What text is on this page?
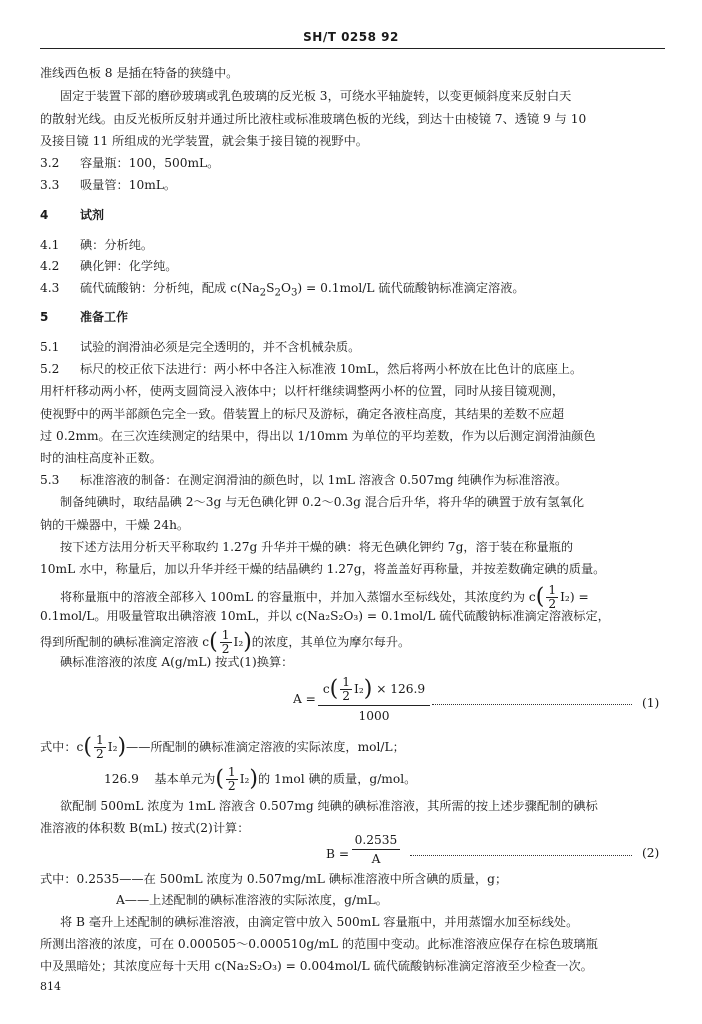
SH/T 0258 92
准线西色板 8 是插在特备的狭缝中。
固定于装置下部的磨砂玻璃或乳色玻璃的反光板 3，可绕水平轴旋转，以变更倾斜度来反射白天
的散射光线。由反光板所反射并通过所比液柱或标准玻璃色板的光线，到达十由棱镜 7、透镜 9 与 10
及接目镜 11 所组成的光学装置，就会集于接目镜的视野中。
3.2 容量瓶：100，500mL。
3.3 吸量管：10mL。
4	试剂
4.1 碘：分析纯。
4.2 碘化钾：化学纯。
4.3 硫代硫酸钠：分析纯，配成 $c(Na_2S_2O_3) = 0.1mol/L$ 硫代硫酸钠标准滴定溶液。
5	准备工作
5.1 试验的润滑油必须是完全透明的，并不含机械杂质。
5.2 标尺的校正依下法进行：两小杯中各注入标准液 10mL，然后将两小杯放在比色计的底座上。
用杆杆移动两小杯，使两支圆筒浸入液体中；以杆杆继续调整两小杯的位置，同时从接目镜观测，
使视野中的两半部颜色完全一致。借装置上的标尺及游标，确定各液柱高度，其结果的差数不应超
过 0.2mm。在三次连续测定的结果中，得出以 1/10mm 为单位的平均差数，作为以后测定润滑油颜色
时的油柱高度补正数。
5.3 标准溶液的制备：在测定润滑油的颜色时，以 1mL 溶液含 0.507mg 纯碘作为标准溶液。
制备纯碘时，取结晶碘 2～3g 与无色碘化钾 0.2～0.3g 混合后升华，将升华的碘置于放有氢氧化
钠的干燥器中，干燥 24h。
按下述方法用分析天平称取约 1.27g 升华并干燥的碘：将无色碘化钾约 7g，溶于装在称量瓶的
10mL 水中，称量后，加以升华并经干燥的结晶碘约 1.27g，将盖盖好再称量，并按差数确定碘的质量。
将称量瓶中的溶液全部移入 100mL 的容量瓶中，并加入蒸馏水至标线处，其浓度约为 $c( \frac{1}{2} I_2)$ =
0.1mol/L。用吸量管取出碘溶液 10mL，并以 c(Na₂S₂O₃) = 0.1mol/L 硫代硫酸钠标准滴定溶液标定，
得到所配制的碘标准滴定溶液 $c( \frac{1}{2} I_2)$的浓度，其单位为摩尔每升。
碘标准溶液的浓度 A(g/mL) 按式(1)换算：
$A = \frac{c( \frac{1}{2} I_2) \times 126.9}{1000}$	(1)
式中：$c( \frac{1}{2}$ I₂)——所配制的碘标准滴定溶液的实际浓度，mol/L；
126.9 基本单元为( $\frac{1}{2} I_2$)的 1mol 碘的质量，g/mol。
欲配制 500mL 浓度为 1mL 溶液含 0.507mg 纯碘的碘标准溶液，其所需的按上述步骤配制的碘标
准溶液的体积数 B(mL) 按式(2)计算：
$B = \frac{0.2535}{A}$	(2)
式中：0.2535——在 500mL 浓度为 0.507mg/mL 碘标准溶液中所含碘的质量，g；
A——上述配制的碘标准溶液的实际浓度，g/mL。
将 B 毫升上述配制的碘标准溶液，由滴定管中放入 500mL 容量瓶中，并用蒸馏水加至标线处。
所测出溶液的浓度，可在 0.000505～0.000510g/mL 的范围中变动。此标准溶液应保存在棕色玻璃瓶
中及黑暗处；其浓度应每十天用 c(Na₂S₂O₃) = 0.004mol/L 硫代硫酸钠标准滴定溶液至少检查一次。
814
